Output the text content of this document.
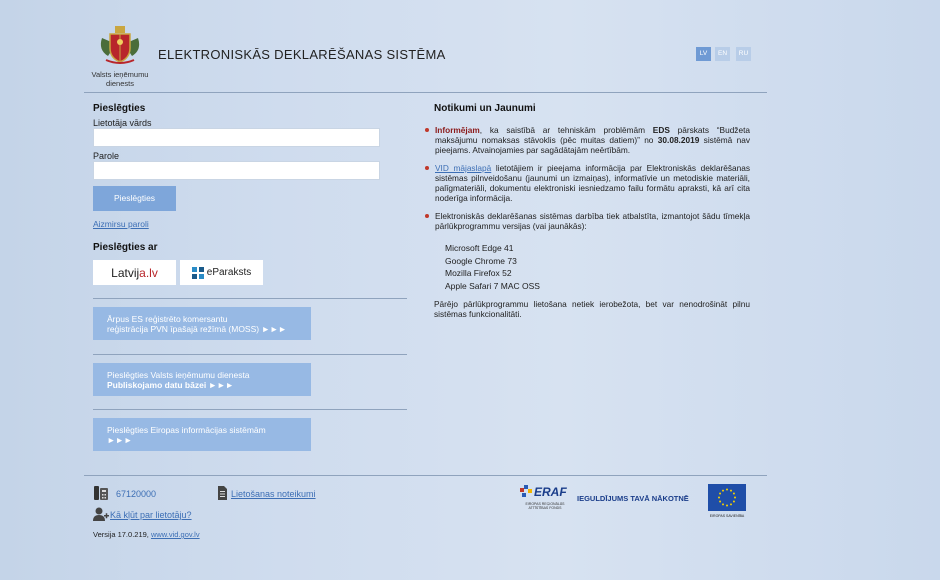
Valsts ieņēmumu
dienests
ELEKTRONISKĀS DEKLARĒŠANAS SISTĒMA	LV	EN	RU
Pieslēgties
Lietotāja vārds
Parole
Pieslēgties
Aizmirsu paroli
Pieslēgties ar
Latvija.lv	eParaksts
Ārpus ES reģistrēto komersantu
reģistrācija PVN īpašajā režīmā (MOSS) ►►►
Pieslēgties Valsts ieņēmumu dienesta
Publiskojamo datu bāzei ►►►
Pieslēgties Eiropas informācijas sistēmām
►►►
Notikumi un Jaunumi
Informējam, ka saistībā ar tehniskām problēmām EDS pārskats “Budžeta maksājumu nomaksas stāvoklis (pēc muitas datiem)” no 30.08.2019 sistēmā nav pieejams. Atvainojamies par sagādātajām neērtībām.
VID mājaslapā lietotājiem ir pieejama informācija par Elektroniskās deklarēšanas sistēmas pilnveidošanu (jaunumi un izmaiņas), informatīvie un metodiskie materiāli, palīgmateriāli, dokumentu elektroniski iesniedzamo failu formātu apraksti, kā arī cita noderīga informācija.
Elektroniskās deklarēšanas sistēmas darbība tiek atbalstīta, izmantojot šādu tīmekļa pārlūkprogrammu versijas (vai jaunākās):
Microsoft Edge 41
Google Chrome 73
Mozilla Firefox 52
Apple Safari 7 MAC OSS
Pārējo pārlūkprogrammu lietošana netiek ierobežota, bet var nenodrošināt pilnu sistēmas funkcionalitāti.
67120000	Lietošanas noteikumi
Kā kļūt par lietotāju?
Versija 17.0.219, www.vid.gov.lv
ERAF
EIROPAS REĢIONĀLĀS ATTĪSTĪBAS FONDS
IEGULDĪJUMS TAVĀ NĀKOTNĒ
EIROPAS SAVIENĪBA
